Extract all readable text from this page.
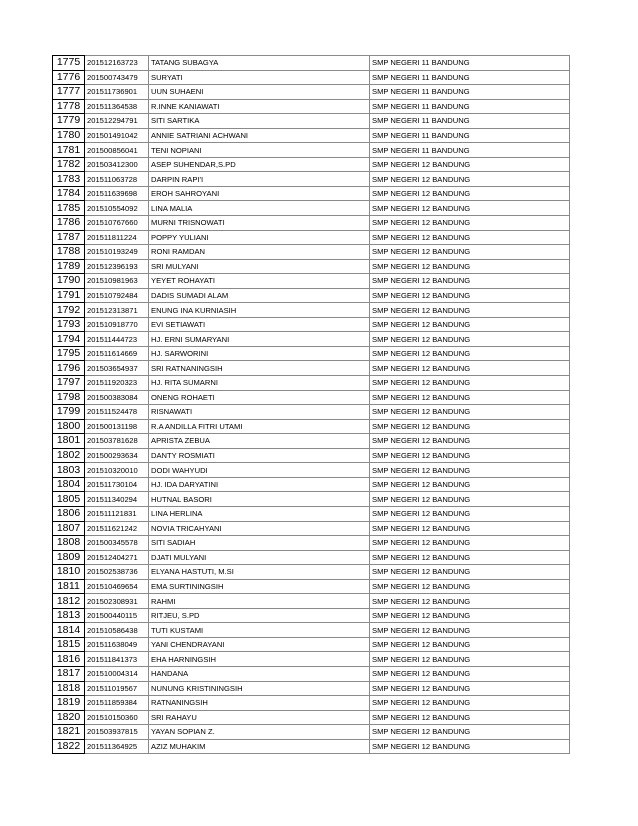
1775	201512163723	TATANG SUBAGYA	SMP NEGERI 11 BANDUNG
1776	201500743479	SURYATI	SMP NEGERI 11 BANDUNG
1777	201511736901	UUN SUHAENI	SMP NEGERI 11 BANDUNG
1778	201511364538	R.INNE KANIAWATI	SMP NEGERI 11 BANDUNG
1779	201512294791	SITI SARTIKA	SMP NEGERI 11 BANDUNG
1780	201501491042	ANNIE SATRIANI ACHWANI	SMP NEGERI 11 BANDUNG
1781	201500856041	TENI NOPIANI	SMP NEGERI 11 BANDUNG
1782	201503412300	ASEP SUHENDAR,S.PD	SMP NEGERI 12 BANDUNG
1783	201511063728	DARPIN RAPI'I	SMP NEGERI 12 BANDUNG
1784	201511639698	EROH SAHROYANI	SMP NEGERI 12 BANDUNG
1785	201510554092	LINA MALIA	SMP NEGERI 12 BANDUNG
1786	201510767660	MURNI TRISNOWATI	SMP NEGERI 12 BANDUNG
1787	201511811224	POPPY YULIANI	SMP NEGERI 12 BANDUNG
1788	201510193249	RONI RAMDAN	SMP NEGERI 12 BANDUNG
1789	201512396193	SRI MULYANI	SMP NEGERI 12 BANDUNG
1790	201510981963	YEYET ROHAYATI	SMP NEGERI 12 BANDUNG
1791	201510792484	DADIS SUMADI ALAM	SMP NEGERI 12 BANDUNG
1792	201512313871	ENUNG INA KURNIASIH	SMP NEGERI 12 BANDUNG
1793	201510918770	EVI SETIAWATI	SMP NEGERI 12 BANDUNG
1794	201511444723	HJ. ERNI SUMARYANI	SMP NEGERI 12 BANDUNG
1795	201511614669	HJ. SARWORINI	SMP NEGERI 12 BANDUNG
1796	201503654937	SRI RATNANINGSIH	SMP NEGERI 12 BANDUNG
1797	201511920323	HJ. RITA SUMARNI	SMP NEGERI 12 BANDUNG
1798	201500383084	ONENG ROHAETI	SMP NEGERI 12 BANDUNG
1799	201511524478	RISNAWATI	SMP NEGERI 12 BANDUNG
1800	201500131198	R.A ANDILLA FITRI UTAMI	SMP NEGERI 12 BANDUNG
1801	201503781628	APRISTA ZEBUA	SMP NEGERI 12 BANDUNG
1802	201500293634	DANTY ROSMIATI	SMP NEGERI 12 BANDUNG
1803	201510320010	DODI WAHYUDI	SMP NEGERI 12 BANDUNG
1804	201511730104	HJ. IDA DARYATINI	SMP NEGERI 12 BANDUNG
1805	201511340294	HUTNAL BASORI	SMP NEGERI 12 BANDUNG
1806	201511121831	LINA HERLINA	SMP NEGERI 12 BANDUNG
1807	201511621242	NOVIA TRICAHYANI	SMP NEGERI 12 BANDUNG
1808	201500345578	SITI SADIAH	SMP NEGERI 12 BANDUNG
1809	201512404271	DJATI MULYANI	SMP NEGERI 12 BANDUNG
1810	201502538736	ELYANA HASTUTI, M.SI	SMP NEGERI 12 BANDUNG
1811	201510469654	EMA SURTININGSIH	SMP NEGERI 12 BANDUNG
1812	201502308931	RAHMI	SMP NEGERI 12 BANDUNG
1813	201500440115	RITJEU, S.PD	SMP NEGERI 12 BANDUNG
1814	201510586438	TUTI KUSTAMI	SMP NEGERI 12 BANDUNG
1815	201511638049	YANI CHENDRAYANI	SMP NEGERI 12 BANDUNG
1816	201511841373	EHA HARNINGSIH	SMP NEGERI 12 BANDUNG
1817	201510004314	HANDANA	SMP NEGERI 12 BANDUNG
1818	201511019567	NUNUNG KRISTININGSIH	SMP NEGERI 12 BANDUNG
1819	201511859384	RATNANINGSIH	SMP NEGERI 12 BANDUNG
1820	201510150360	SRI RAHAYU	SMP NEGERI 12 BANDUNG
1821	201503937815	YAYAN SOPIAN Z.	SMP NEGERI 12 BANDUNG
1822	201511364925	AZIZ MUHAKIM	SMP NEGERI 12 BANDUNG
